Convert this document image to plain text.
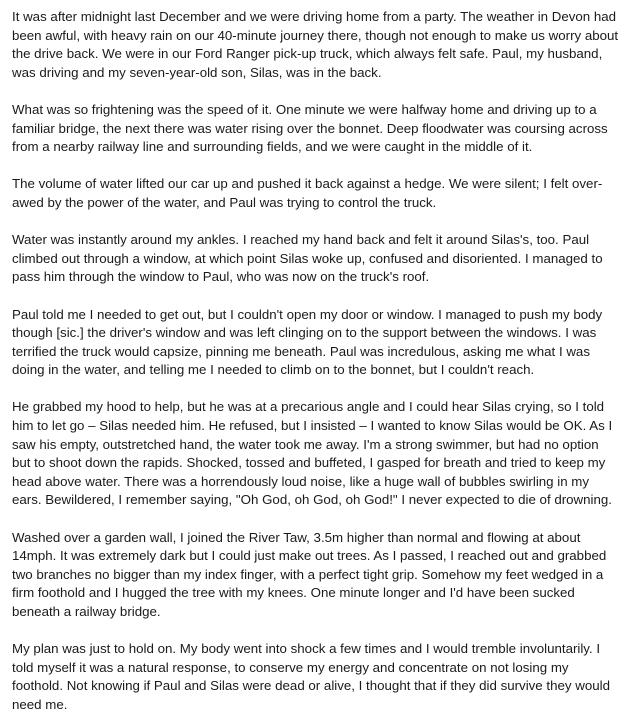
It was after midnight last December and we were driving home from a party. The weather in Devon had been awful, with heavy rain on our 40-minute journey there, though not enough to make us worry about the drive back. We were in our Ford Ranger pick-up truck, which always felt safe. Paul, my husband, was driving and my seven-year-old son, Silas, was in the back.

What was so frightening was the speed of it. One minute we were halfway home and driving up to a familiar bridge, the next there was water rising over the bonnet. Deep floodwater was coursing across from a nearby railway line and surrounding fields, and we were caught in the middle of it.

The volume of water lifted our car up and pushed it back against a hedge. We were silent; I felt over-awed by the power of the water, and Paul was trying to control the truck.

Water was instantly around my ankles. I reached my hand back and felt it around Silas's, too. Paul climbed out through a window, at which point Silas woke up, confused and disoriented. I managed to pass him through the window to Paul, who was now on the truck's roof.

Paul told me I needed to get out, but I couldn't open my door or window. I managed to push my body though [sic.] the driver's window and was left clinging on to the support between the windows. I was terrified the truck would capsize, pinning me beneath. Paul was incredulous, asking me what I was doing in the water, and telling me I needed to climb on to the bonnet, but I couldn't reach.

He grabbed my hood to help, but he was at a precarious angle and I could hear Silas crying, so I told him to let go – Silas needed him. He refused, but I insisted – I wanted to know Silas would be OK. As I saw his empty, outstretched hand, the water took me away. I'm a strong swimmer, but had no option but to shoot down the rapids. Shocked, tossed and buffeted, I gasped for breath and tried to keep my head above water. There was a horrendously loud noise, like a huge wall of bubbles swirling in my ears. Bewildered, I remember saying, "Oh God, oh God, oh God!" I never expected to die of drowning.

Washed over a garden wall, I joined the River Taw, 3.5m higher than normal and flowing at about 14mph. It was extremely dark but I could just make out trees. As I passed, I reached out and grabbed two branches no bigger than my index finger, with a perfect tight grip. Somehow my feet wedged in a firm foothold and I hugged the tree with my knees. One minute longer and I'd have been sucked beneath a railway bridge.

My plan was just to hold on. My body went into shock a few times and I would tremble involuntarily. I told myself it was a natural response, to conserve my energy and concentrate on not losing my foothold. Not knowing if Paul and Silas were dead or alive, I thought that if they did survive they would need me.
